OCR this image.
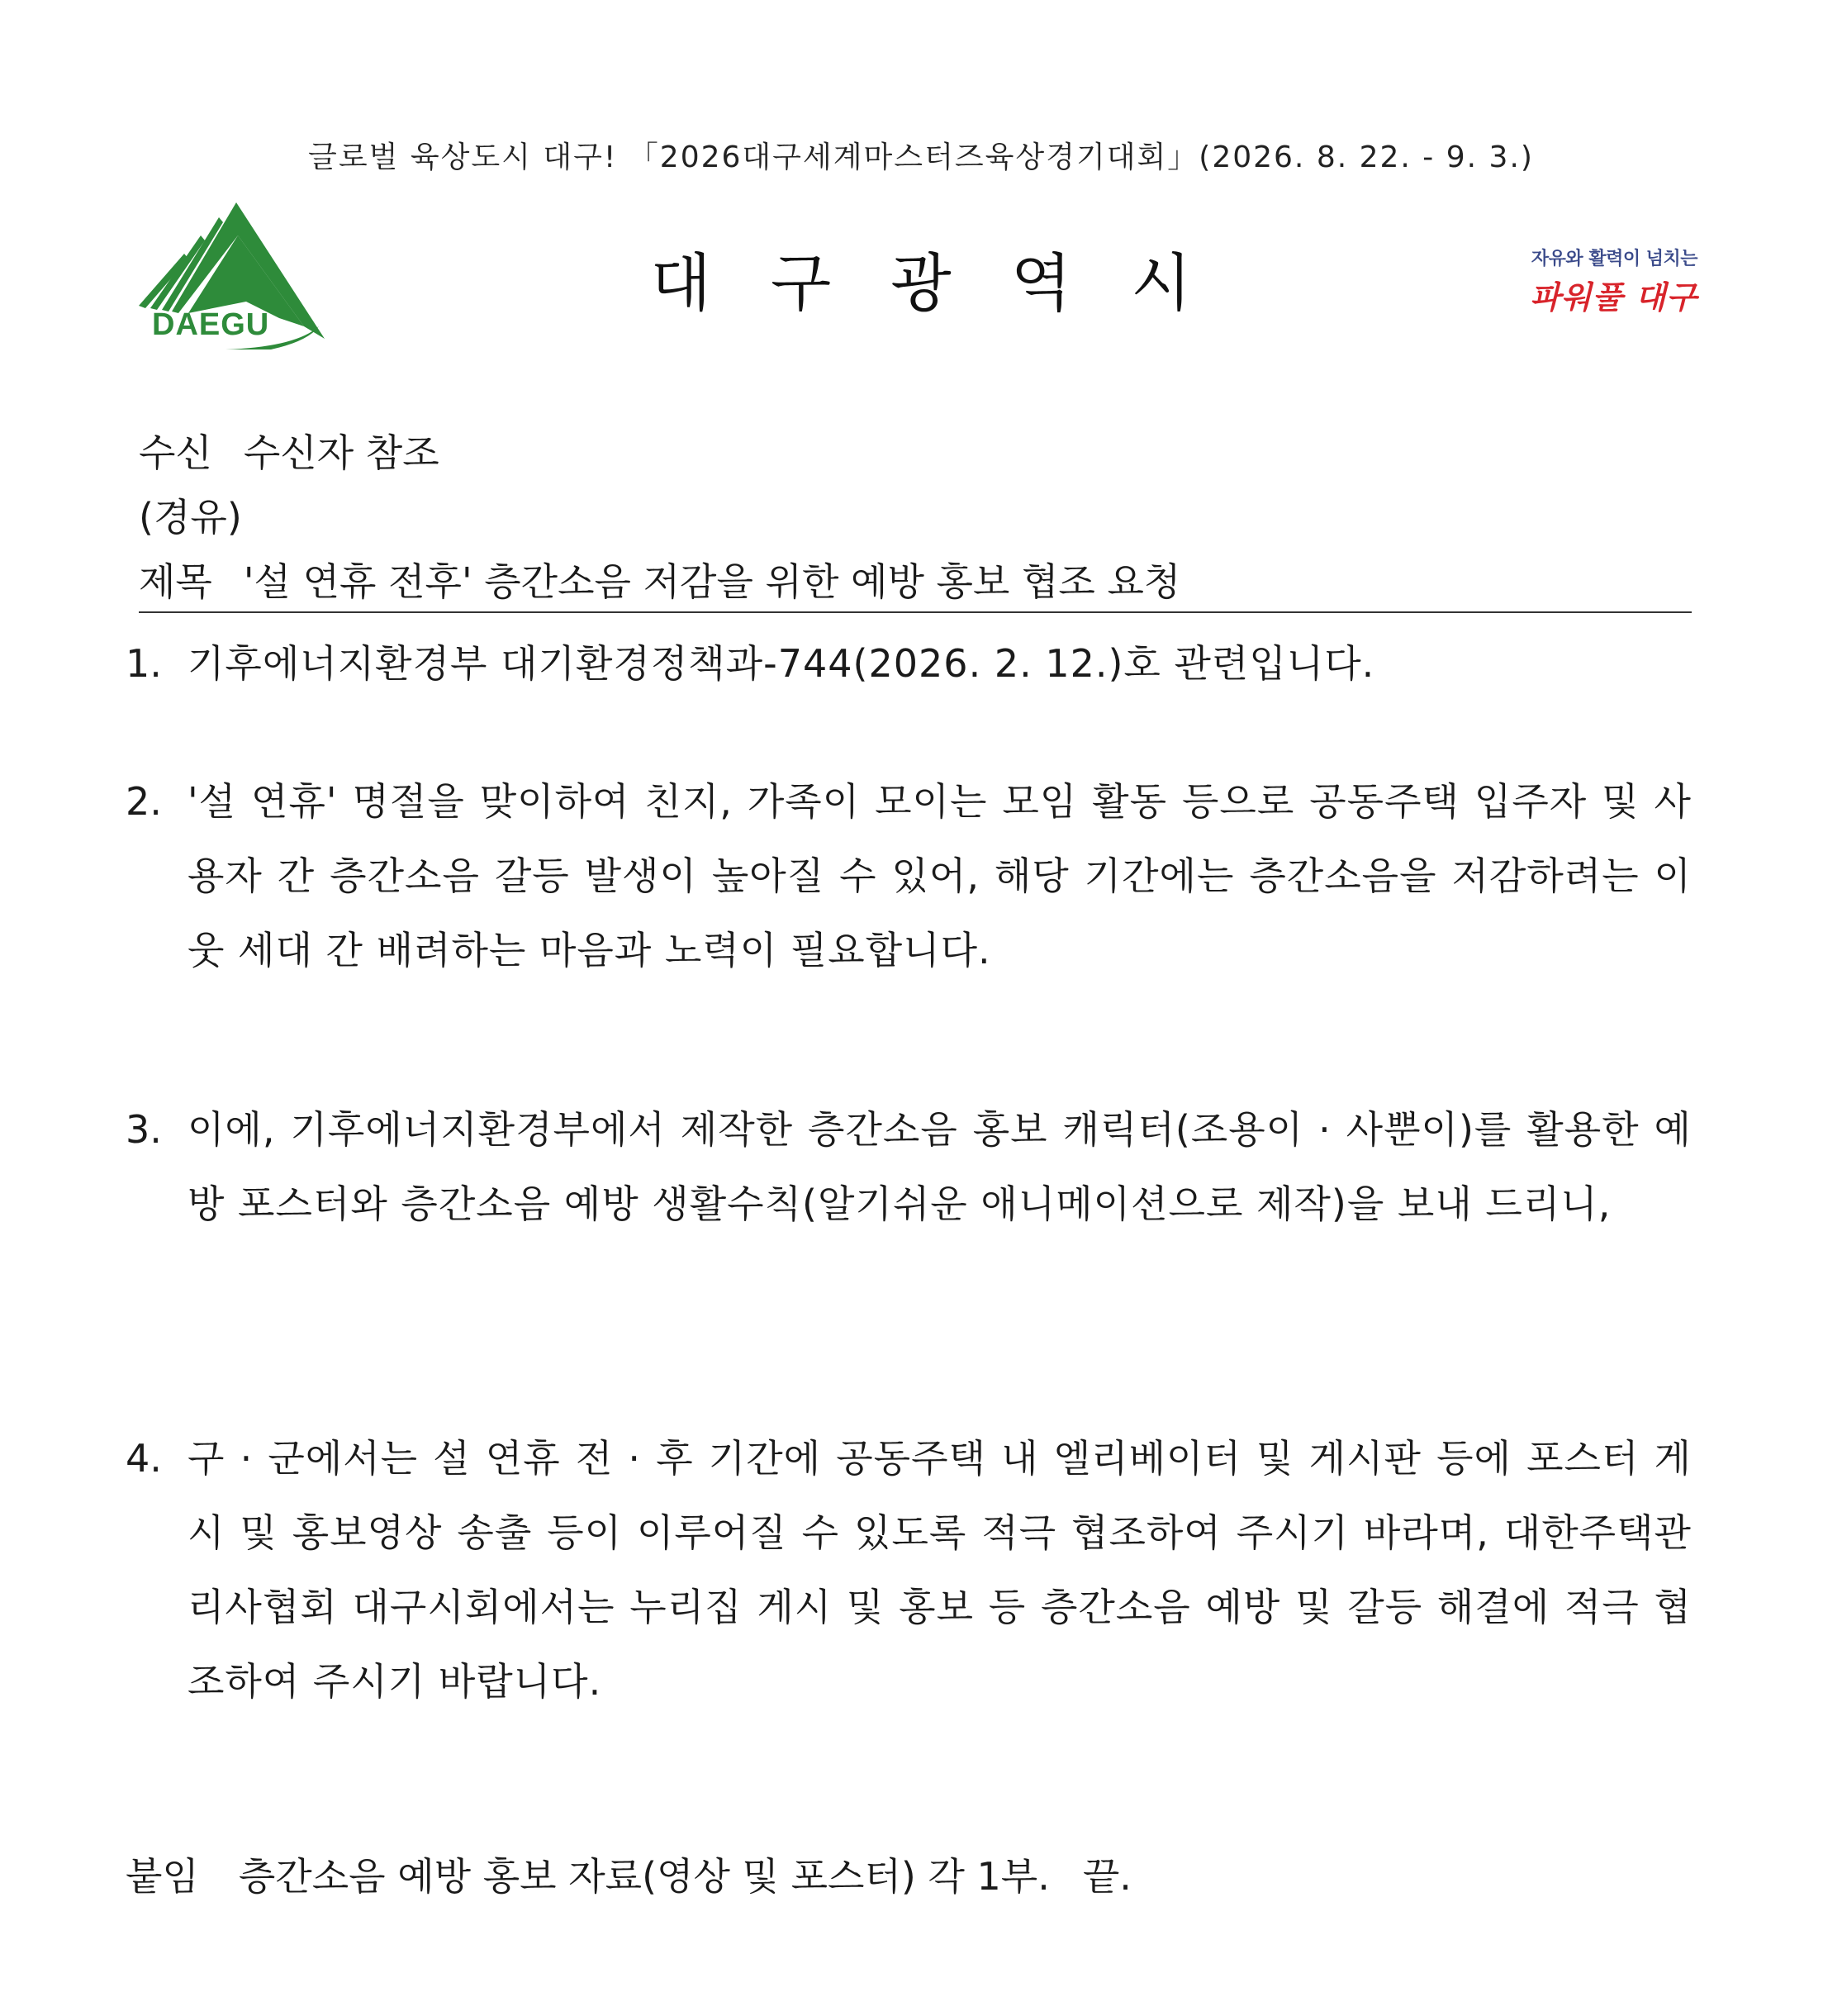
글로벌 육상도시 대구! 「2026대구세계마스터즈육상경기대회」(2026. 8. 22. - 9. 3.)
DAEGU
대구광역시	자유와 활력이 넘치는
파워풀 대구
수신 수신자 참조
(경유)
제목 '설 연휴 전후' 층간소음 저감을 위한 예방 홍보 협조 요청
1. 기후에너지환경부 대기환경정책과-744(2026. 2. 12.)호 관련입니다.
2. '설 연휴' 명절을 맞이하여 친지, 가족이 모이는 모임 활동 등으로 공동주택 입주자 및 사용자 간 층간소음 갈등 발생이 높아질 수 있어, 해당 기간에는 층간소음을 저감하려는 이웃 세대 간 배려하는 마음과 노력이 필요합니다.
3. 이에, 기후에너지환경부에서 제작한 층간소음 홍보 캐릭터(조용이 · 사뿐이)를 활용한 예방 포스터와 층간소음 예방 생활수칙(알기쉬운 애니메이션으로 제작)을 보내 드리니,
4. 구 · 군에서는 설 연휴 전 · 후 기간에 공동주택 내 엘리베이터 및 게시판 등에 포스터 게시 및 홍보영상 송출 등이 이루어질 수 있도록 적극 협조하여 주시기 바라며, 대한주택관리사협회 대구시회에서는 누리집 게시 및 홍보 등 층간소음 예방 및 갈등 해결에 적극 협조하여 주시기 바랍니다.
붙임 층간소음 예방 홍보 자료(영상 및 포스터) 각 1부. 끝.
